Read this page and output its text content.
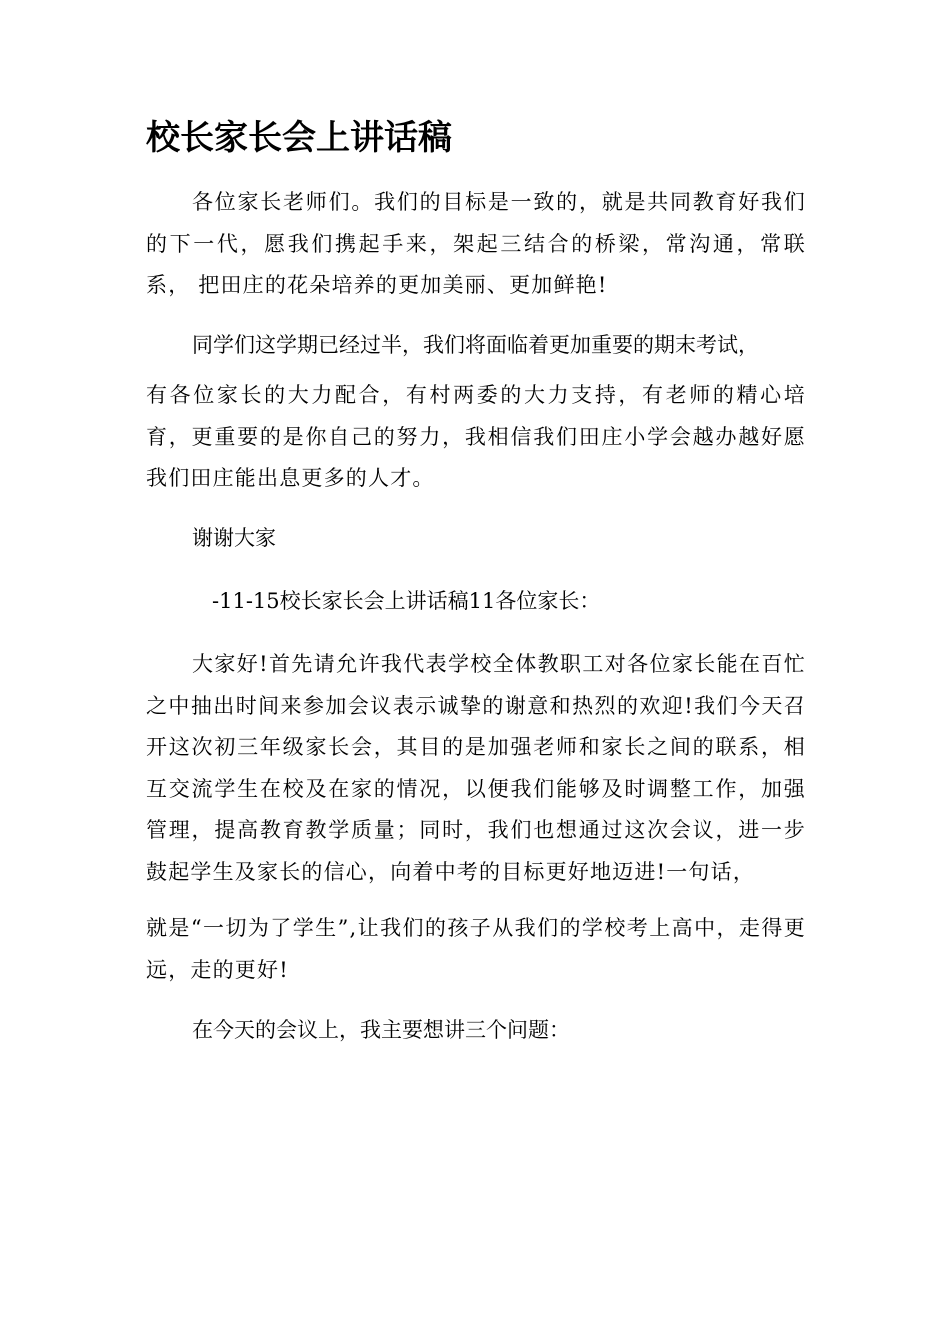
校长家长会上讲话稿

各位家长老师们。我们的目标是一致的，就是共同教育好我们的下一代，愿我们携起手来，架起三结合的桥梁，常沟通，常联系， 把田庄的花朵培养的更加美丽、更加鲜艳!

同学们这学期已经过半，我们将面临着更加重要的期末考试，

有各位家长的大力配合，有村两委的大力支持，有老师的精心培育，更重要的是你自己的努力，我相信我们田庄小学会越办越好愿我们田庄能出息更多的人才。

谢谢大家

-11-15校长家长会上讲话稿11各位家长：

大家好!首先请允许我代表学校全体教职工对各位家长能在百忙之中抽出时间来参加会议表示诚挚的谢意和热烈的欢迎!我们今天召开这次初三年级家长会，其目的是加强老师和家长之间的联系，相互交流学生在校及在家的情况，以便我们能够及时调整工作，加强管理，提高教育教学质量；同时，我们也想通过这次会议，进一步鼓起学生及家长的信心，向着中考的目标更好地迈进!一句话，

就是“一切为了学生”,让我们的孩子从我们的学校考上高中，走得更远，走的更好!

在今天的会议上，我主要想讲三个问题：
